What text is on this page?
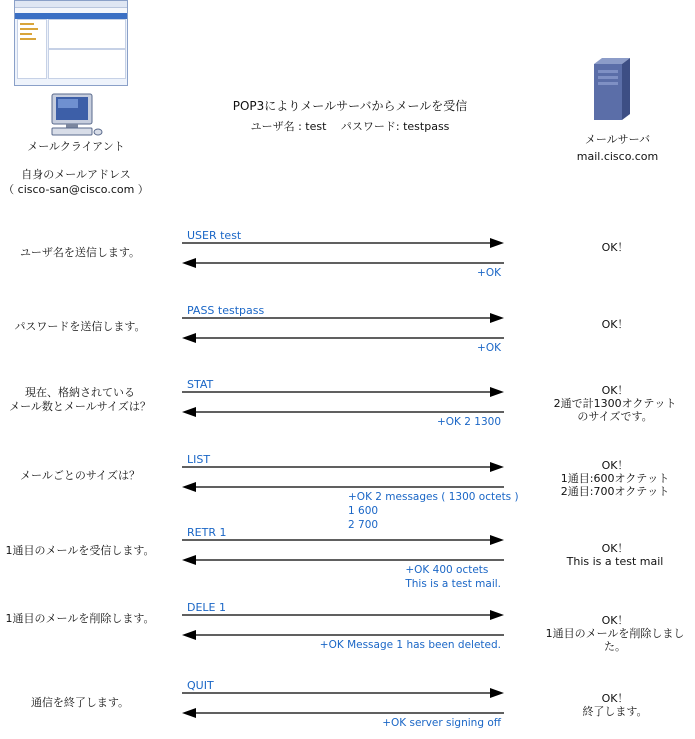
POP3によりメールサーバからメールを受信
ユーザ名 : test　 パスワード: testpass
メールクライアント
自身のメールアドレス
（ cisco-san@cisco.com ）
メールサーバ
mail.cisco.com
USER test
+OK
ユーザ名を送信します。	OK！
PASS testpass
+OK
パスワードを送信します。	OK！
STAT
+OK 2 1300
現在、格納されている
メール数とメールサイズは？
OK！
2通で計1300オクテット
のサイズです。
LIST
+OK 2 messages ( 1300 octets )
1 600
2 700
メールごとのサイズは？
OK！
1通目:600オクテット
2通目:700オクテット
RETR 1
+OK 400 octets
This is a test mail.
1通目のメールを受信します。	OK！
This is a test mail
DELE 1
+OK Message 1 has been deleted.
1通目のメールを削除します。	OK！
1通目のメールを削除しました。
QUIT
+OK server signing off
通信を終了します。	OK！
終了します。
